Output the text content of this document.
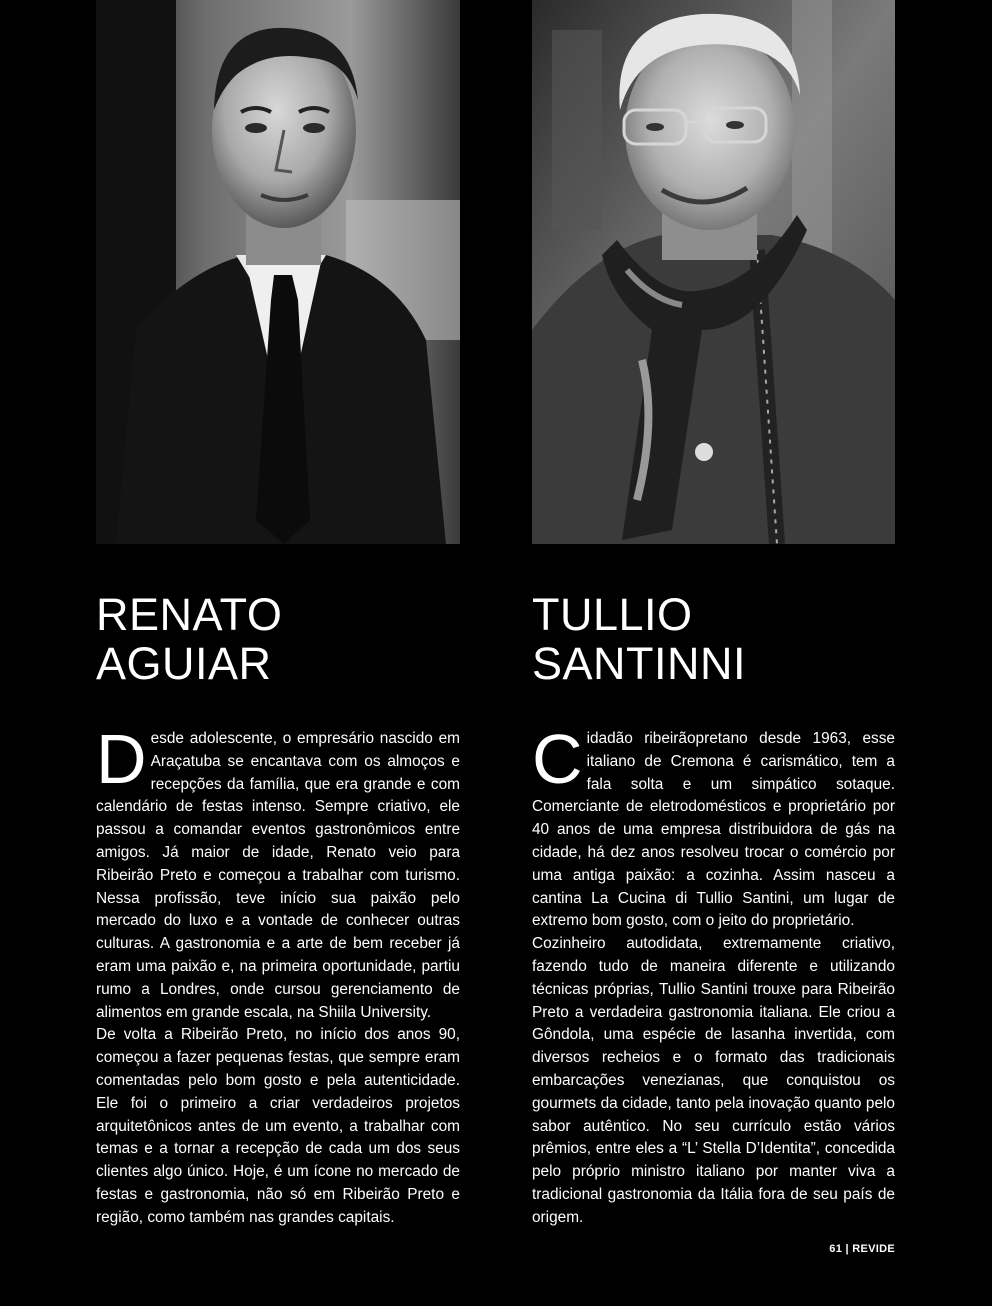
RENATO
AGUIAR

Desde adolescente, o empresário nascido em Araçatuba se encantava com os almoços e recepções da família, que era grande e com calendário de festas intenso. Sempre criativo, ele passou a comandar eventos gastronômicos entre amigos. Já maior de idade, Renato veio para Ribeirão Preto e começou a trabalhar com turismo. Nessa profissão, teve início sua paixão pelo mercado do luxo e a vontade de conhecer outras culturas. A gastronomia e a arte de bem receber já eram uma paixão e, na primeira oportunidade, partiu rumo a Londres, onde cursou gerenciamento de alimentos em grande escala, na Shiila University.

De volta a Ribeirão Preto, no início dos anos 90, começou a fazer pequenas festas, que sempre eram comentadas pelo bom gosto e pela autenticidade. Ele foi o primeiro a criar verdadeiros projetos arquitetônicos antes de um evento, a trabalhar com temas e a tornar a recepção de cada um dos seus clientes algo único. Hoje, é um ícone no mercado de festas e gastronomia, não só em Ribeirão Preto e região, como também nas grandes capitais.

TULLIO
SANTINNI

Cidadão ribeirãopretano desde 1963, esse italiano de Cremona é carismático, tem a fala solta e um simpático sotaque. Comerciante de eletrodomésticos e proprietário por 40 anos de uma empresa distribuidora de gás na cidade, há dez anos resolveu trocar o comércio por uma antiga paixão: a cozinha. Assim nasceu a cantina La Cucina di Tullio Santini, um lugar de extremo bom gosto, com o jeito do proprietário.

Cozinheiro autodidata, extremamente criativo, fazendo tudo de maneira diferente e utilizando técnicas próprias, Tullio Santini trouxe para Ribeirão Preto a verdadeira gastronomia italiana. Ele criou a Gôndola, uma espécie de lasanha invertida, com diversos recheios e o formato das tradicionais embarcações venezianas, que conquistou os gourmets da cidade, tanto pela inovação quanto pelo sabor autêntico. No seu currículo estão vários prêmios, entre eles a “L’ Stella D’Identita”, concedida pelo próprio ministro italiano por manter viva a tradicional gastronomia da Itália fora de seu país de origem.

61 | REVIDE
